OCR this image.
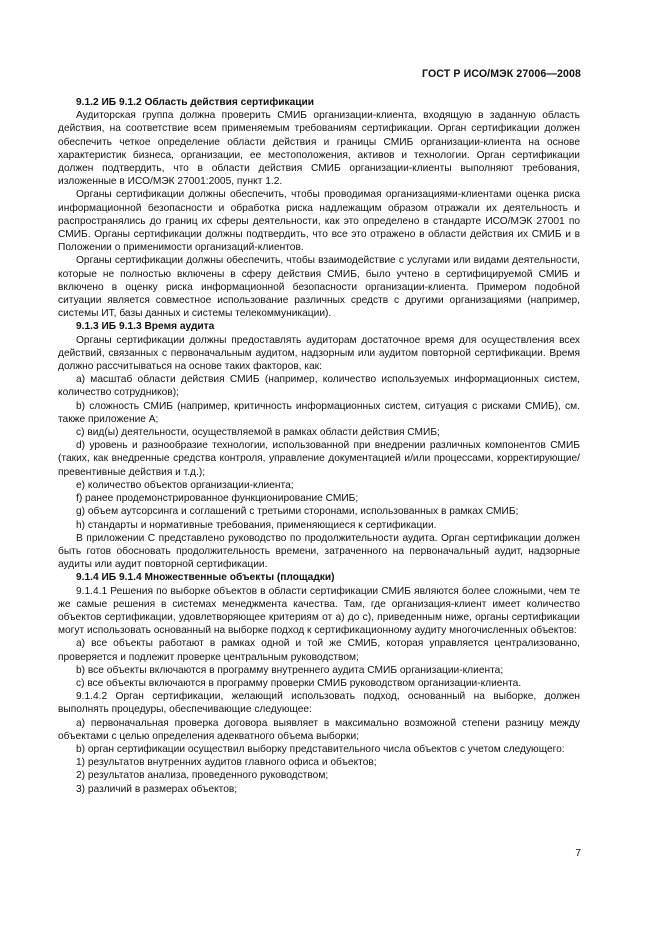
ГОСТ Р ИСО/МЭК 27006—2008

9.1.2 ИБ 9.1.2 Область действия сертификации

Аудиторская группа должна проверить СМИБ организации-клиента, входящую в заданную область действия, на соответствие всем применяемым требованиям сертификации. Орган сертификации должен обеспечить четкое определение области действия и границы СМИБ организации-клиента на основе характеристик бизнеса, организации, ее местоположения, активов и технологии. Орган сертификации должен подтвердить, что в области действия СМИБ организации-клиенты выполняют требования, изложенные в ИСО/МЭК 27001:2005, пункт 1.2.

Органы сертификации должны обеспечить, чтобы проводимая организациями-клиентами оценка риска информационной безопасности и обработка риска надлежащим образом отражали их деятельность и распространялись до границ их сферы деятельности, как это определено в стандарте ИСО/МЭК 27001 по СМИБ. Органы сертификации должны подтвердить, что все это отражено в области действия их СМИБ и в Положении о применимости организаций-клиентов.

Органы сертификации должны обеспечить, чтобы взаимодействие с услугами или видами деятельности, которые не полностью включены в сферу действия СМИБ, было учтено в сертифицируемой СМИБ и включено в оценку риска информационной безопасности организации-клиента. Примером подобной ситуации является совместное использование различных средств с другими организациями (например, системы ИТ, базы данных и системы телекоммуникации).

9.1.3 ИБ 9.1.3 Время аудита

Органы сертификации должны предоставлять аудиторам достаточное время для осуществления всех действий, связанных с первоначальным аудитом, надзорным или аудитом повторной сертификации. Время должно рассчитываться на основе таких факторов, как:

a) масштаб области действия СМИБ (например, количество используемых информационных систем, количество сотрудников);

b) сложность СМИБ (например, критичность информационных систем, ситуация с рисками СМИБ), см. также приложение А;

c) вид(ы) деятельности, осуществляемой в рамках области действия СМИБ;

d) уровень и разнообразие технологии, использованной при внедрении различных компонентов СМИБ (таких, как внедренные средства контроля, управление документацией и/или процессами, корректирующие/превентивные действия и т.д.);

e) количество объектов организации-клиента;

f) ранее продемонстрированное функционирование СМИБ;

g) объем аутсорсинга и соглашений с третьими сторонами, использованных в рамках СМИБ;

h) стандарты и нормативные требования, применяющиеся к сертификации.

В приложении С представлено руководство по продолжительности аудита. Орган сертификации должен быть готов обосновать продолжительность времени, затраченного на первоначальный аудит, надзорные аудиты или аудит повторной сертификации.

9.1.4 ИБ 9.1.4 Множественные объекты (площадки)

9.1.4.1 Решения по выборке объектов в области сертификации СМИБ являются более сложными, чем те же самые решения в системах менеджмента качества. Там, где организация-клиент имеет количество объектов сертификации, удовлетворяющее критериям от a) до c), приведенным ниже, органы сертификации могут использовать основанный на выборке подход к сертификационному аудиту многочисленных объектов:

a) все объекты работают в рамках одной и той же СМИБ, которая управляется централизованно, проверяется и подлежит проверке центральным руководством;

b) все объекты включаются в программу внутреннего аудита СМИБ организации-клиента;

c) все объекты включаются в программу проверки СМИБ руководством организации-клиента.

9.1.4.2 Орган сертификации, желающий использовать подход, основанный на выборке, должен выполнять процедуры, обеспечивающие следующее:

a) первоначальная проверка договора выявляет в максимально возможной степени разницу между объектами с целью определения адекватного объема выборки;

b) орган сертификации осуществил выборку представительного числа объектов с учетом следующего:

1) результатов внутренних аудитов главного офиса и объектов;

2) результатов анализа, проведенного руководством;

3) различий в размерах объектов;

7
